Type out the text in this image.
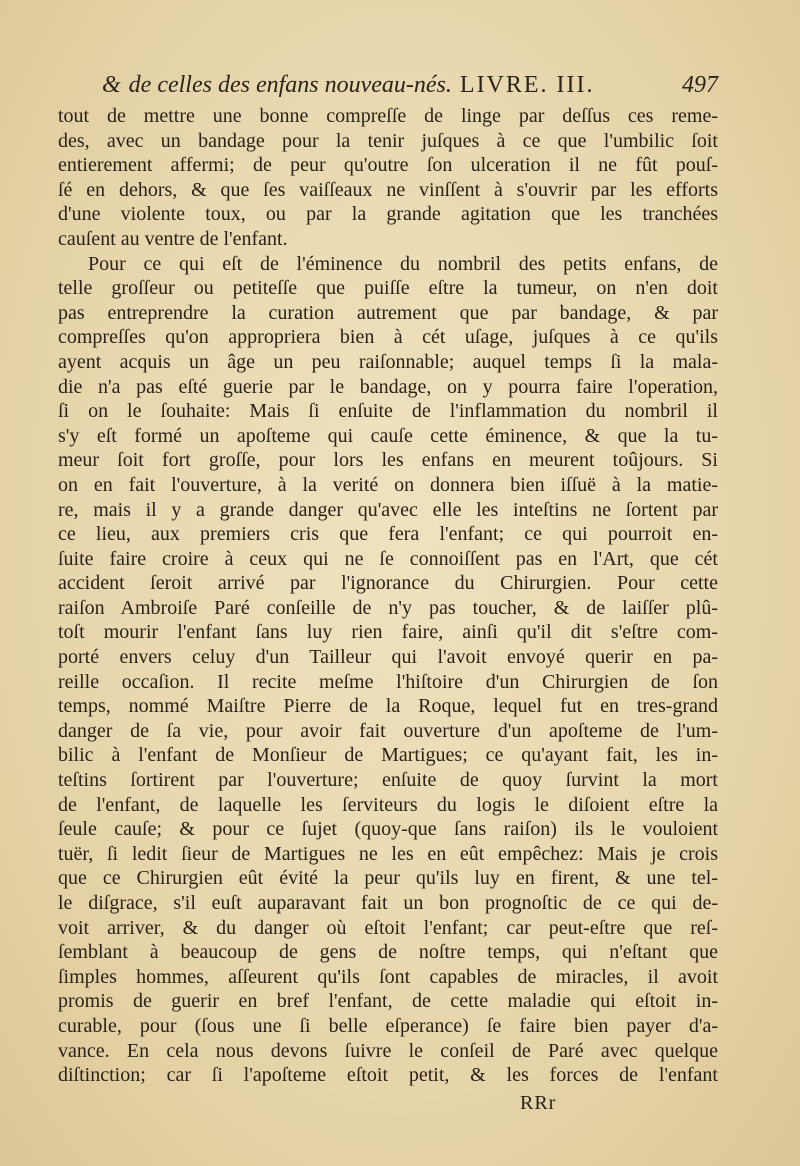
& de celles des enfans nouveau-nés. LIVRE. III.	497
tout de mettre une bonne compreſſe de linge par deſſus ces reme-
des, avec un bandage pour la tenir juſques à ce que l'umbilic ſoit
entierement affermi; de peur qu'outre ſon ulceration il ne fût pouſ-
ſé en dehors, & que ſes vaiſſeaux ne vinſſent à s'ouvrir par les efforts
d'une violente toux, ou par la grande agitation que les tranchées
cauſent au ventre de l'enfant.
Pour ce qui eſt de l'éminence du nombril des petits enfans, de
telle groſſeur ou petiteſſe que puiſſe eſtre la tumeur, on n'en doit
pas entreprendre la curation autrement que par bandage, & par
compreſſes qu'on appropriera bien à cét uſage, juſques à ce qu'ils
ayent acquis un âge un peu raiſonnable; auquel temps ſi la mala-
die n'a pas eſté guerie par le bandage, on y pourra faire l'operation,
ſi on le ſouhaite: Mais ſi enſuite de l'inflammation du nombril il
s'y eſt formé un apoſteme qui cauſe cette éminence, & que la tu-
meur ſoit fort groſſe, pour lors les enfans en meurent toûjours. Si
on en fait l'ouverture, à la verité on donnera bien iſſuë à la matie-
re, mais il y a grande danger qu'avec elle les inteſtins ne ſortent par
ce lieu, aux premiers cris que fera l'enfant; ce qui pourroit en-
ſuite faire croire à ceux qui ne ſe connoiſſent pas en l'Art, que cét
accident ſeroit arrivé par l'ignorance du Chirurgien. Pour cette
raiſon Ambroiſe Paré conſeille de n'y pas toucher, & de laiſſer plû-
toſt mourir l'enfant ſans luy rien faire, ainſi qu'il dit s'eſtre com-
porté envers celuy d'un Tailleur qui l'avoit envoyé querir en pa-
reille occaſion. Il recite meſme l'hiſtoire d'un Chirurgien de ſon
temps, nommé Maiſtre Pierre de la Roque, lequel fut en tres-grand
danger de ſa vie, pour avoir fait ouverture d'un apoſteme de l'um-
bilic à l'enfant de Monſieur de Martigues; ce qu'ayant fait, les in-
teſtins ſortirent par l'ouverture; enſuite de quoy ſurvint la mort
de l'enfant, de laquelle les ſerviteurs du logis le diſoient eſtre la
ſeule cauſe; & pour ce ſujet (quoy-que ſans raiſon) ils le vouloient
tuër, ſi ledit ſieur de Martigues ne les en eût empêchez: Mais je crois
que ce Chirurgien eût évité la peur qu'ils luy en firent, & une tel-
le diſgrace, s'il euſt auparavant fait un bon prognoſtic de ce qui de-
voit arriver, & du danger où eſtoit l'enfant; car peut-eſtre que reſ-
ſemblant à beaucoup de gens de noſtre temps, qui n'eſtant que
ſimples hommes, aſſeurent qu'ils ſont capables de miracles, il avoit
promis de guerir en bref l'enfant, de cette maladie qui eſtoit in-
curable, pour (ſous une ſi belle eſperance) ſe faire bien payer d'a-
vance. En cela nous devons ſuivre le conſeil de Paré avec quelque
diſtinction; car ſi l'apoſteme eſtoit petit, & les forces de l'enfant
RRr
